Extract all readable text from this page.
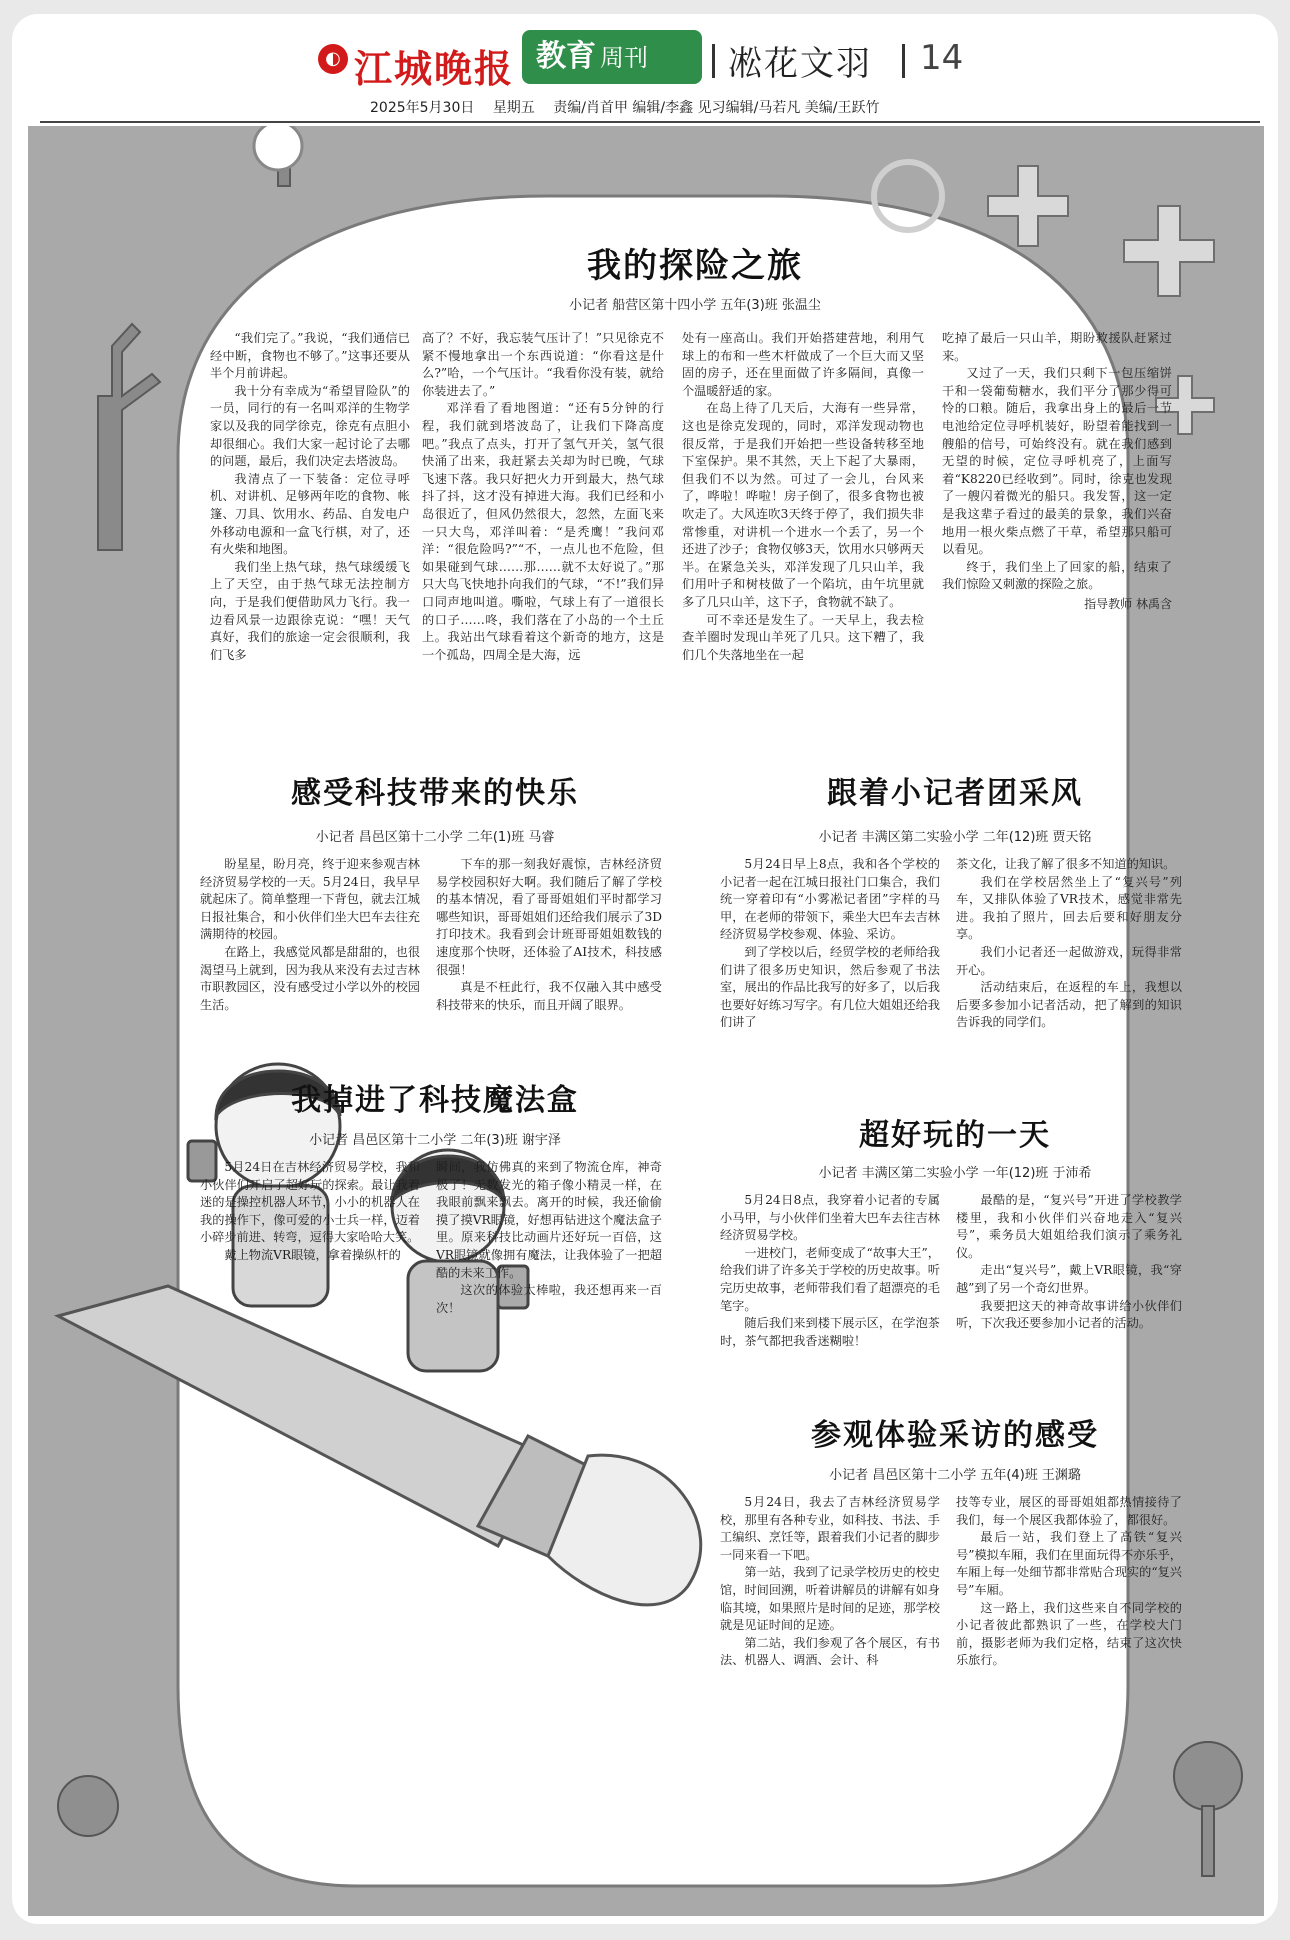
◐ 江城晚报 教育 周刊	凇花文羽 14
2025年5月30日 星期五 责编/肖首甲 编辑/李鑫 见习编辑/马若凡 美编/王跃竹
我的探险之旅
小记者 船营区第十四小学 五年(3)班 张温尘

“我们完了。”我说，“我们通信已经中断，食物也不够了。”这事还要从半个月前讲起。

我十分有幸成为“希望冒险队”的一员，同行的有一名叫邓洋的生物学家以及我的同学徐克，徐克有点胆小却很细心。我们大家一起讨论了去哪的问题，最后，我们决定去塔波岛。

我清点了一下装备：定位寻呼机、对讲机、足够两年吃的食物、帐篷、刀具、饮用水、药品、自发电户外移动电源和一盒飞行棋，对了，还有火柴和地图。

我们坐上热气球，热气球缓缓飞上了天空，由于热气球无法控制方向，于是我们便借助风力飞行。我一边看风景一边跟徐克说：“嘿！天气真好，我们的旅途一定会很顺利，我们飞多

高了？不好，我忘装气压计了！”只见徐克不紧不慢地拿出一个东西说道：“你看这是什么?”哈，一个气压计。“我看你没有装，就给你装进去了。”

邓洋看了看地图道：“还有5分钟的行程，我们就到塔波岛了，让我们下降高度吧。”我点了点头，打开了氢气开关，氢气很快涌了出来，我赶紧去关却为时已晚，气球飞速下落。我只好把火力开到最大，热气球抖了抖，这才没有掉进大海。我们已经和小岛很近了，但风仍然很大，忽然，左面飞来一只大鸟，邓洋叫着：“是秃鹰！”我问邓洋：“很危险吗?”“不，一点儿也不危险，但如果碰到气球……那……就不太好说了。”那只大鸟飞快地扑向我们的气球，“不!”我们异口同声地叫道。嘶啦，气球上有了一道很长的口子……咚，我们落在了小岛的一个土丘上。我站出气球看着这个新奇的地方，这是一个孤岛，四周全是大海，远

处有一座高山。我们开始搭建营地，利用气球上的布和一些木杆做成了一个巨大而又坚固的房子，还在里面做了许多隔间，真像一个温暖舒适的家。

在岛上待了几天后，大海有一些异常，这也是徐克发现的，同时，邓洋发现动物也很反常，于是我们开始把一些设备转移至地下室保护。果不其然，天上下起了大暴雨，但我们不以为然。可过了一会儿，台风来了，哗啦！哗啦！房子倒了，很多食物也被吹走了。大风连吹3天终于停了，我们损失非常惨重，对讲机一个进水一个丢了，另一个还进了沙子；食物仅够3天，饮用水只够两天半。在紧急关头，邓洋发现了几只山羊，我们用叶子和树枝做了一个陷坑，由午坑里就多了几只山羊，这下子，食物就不缺了。

可不幸还是发生了。一天早上，我去检查羊圈时发现山羊死了几只。这下糟了，我们几个失落地坐在一起

吃掉了最后一只山羊，期盼救援队赶紧过来。

又过了一天，我们只剩下一包压缩饼干和一袋葡萄糖水，我们平分了那少得可怜的口粮。随后，我拿出身上的最后一节电池给定位寻呼机装好，盼望着能找到一艘船的信号，可始终没有。就在我们感到无望的时候，定位寻呼机亮了，上面写着“K8220已经收到”。同时，徐克也发现了一艘闪着微光的船只。我发誓，这一定是我这辈子看过的最美的景象，我们兴奋地用一根火柴点燃了干草，希望那只船可以看见。

终于，我们坐上了回家的船，结束了我们惊险又刺激的探险之旅。

指导教师 林禹含
感受科技带来的快乐
小记者 昌邑区第十二小学 二年(1)班 马睿

盼星星，盼月亮，终于迎来参观吉林经济贸易学校的一天。5月24日，我早早就起床了。简单整理一下背包，就去江城日报社集合，和小伙伴们坐大巴车去往充满期待的校园。

在路上，我感觉风都是甜甜的，也很渴望马上就到，因为我从来没有去过吉林市职教园区，没有感受过小学以外的校园生活。

下车的那一刻我好震惊，吉林经济贸易学校园积好大啊。我们随后了解了学校的基本情况，看了哥哥姐姐们平时都学习哪些知识，哥哥姐姐们还给我们展示了3D打印技术。我看到会计班哥哥姐姐数钱的速度那个快呀，还体验了AI技术，科技感很强！

真是不枉此行，我不仅融入其中感受科技带来的快乐，而且开阔了眼界。

跟着小记者团采风
小记者 丰满区第二实验小学 二年(12)班 贾天铭

5月24日早上8点，我和各个学校的小记者一起在江城日报社门口集合，我们统一穿着印有“小雾凇记者团”字样的马甲，在老师的带领下，乘坐大巴车去吉林经济贸易学校参观、体验、采访。

到了学校以后，经贸学校的老师给我们讲了很多历史知识，然后参观了书法室，展出的作品比我写的好多了，以后我也要好好练习写字。有几位大姐姐还给我们讲了

茶文化，让我了解了很多不知道的知识。

我们在学校居然坐上了“复兴号”列车，又排队体验了VR技术，感觉非常先进。我拍了照片，回去后要和好朋友分享。

我们小记者还一起做游戏，玩得非常开心。

活动结束后，在返程的车上，我想以后要多参加小记者活动，把了解到的知识告诉我的同学们。

我掉进了科技魔法盒
小记者 昌邑区第十二小学 二年(3)班 谢宇泽

5月24日在吉林经济贸易学校，我和小伙伴们开启了超好玩的探索。最让我着迷的是操控机器人环节，小小的机器人在我的操作下，像可爱的小士兵一样，迈着小碎步前进、转弯，逗得大家哈哈大笑。

戴上物流VR眼镜，拿着操纵杆的

瞬间，我仿佛真的来到了物流仓库，神奇极了！无数发光的箱子像小精灵一样，在我眼前飘来飘去。离开的时候，我还偷偷摸了摸VR眼镜，好想再钻进这个魔法盒子里。原来科技比动画片还好玩一百倍，这VR眼镜就像拥有魔法，让我体验了一把超酷的未来工作。

这次的体验太棒啦，我还想再来一百次！

超好玩的一天
小记者 丰满区第二实验小学 一年(12)班 于沛希

5月24日8点，我穿着小记者的专属小马甲，与小伙伴们坐着大巴车去往吉林经济贸易学校。

一进校门，老师变成了“故事大王”，给我们讲了许多关于学校的历史故事。听完历史故事，老师带我们看了超漂亮的毛笔字。

随后我们来到楼下展示区，在学泡茶时，茶气都把我香迷糊啦！

最酷的是，“复兴号”开进了学校教学楼里，我和小伙伴们兴奋地走入“复兴号”，乘务员大姐姐给我们演示了乘务礼仪。

走出“复兴号”，戴上VR眼镜，我“穿越”到了另一个奇幻世界。

我要把这天的神奇故事讲给小伙伴们听，下次我还要参加小记者的活动。

参观体验采访的感受
小记者 昌邑区第十二小学 五年(4)班 王渊璐

5月24日，我去了吉林经济贸易学校，那里有各种专业，如科技、书法、手工编织、烹饪等，跟着我们小记者的脚步一同来看一下吧。

第一站，我到了记录学校历史的校史馆，时间回溯，听着讲解员的讲解有如身临其境，如果照片是时间的足迹，那学校就是见证时间的足迹。

第二站，我们参观了各个展区，有书法、机器人、调酒、会计、科

技等专业，展区的哥哥姐姐都热情接待了我们，每一个展区我都体验了，都很好。

最后一站，我们登上了高铁“复兴号”模拟车厢，我们在里面玩得不亦乐乎，车厢上每一处细节都非常贴合现实的“复兴号”车厢。

这一路上，我们这些来自不同学校的小记者彼此都熟识了一些，在学校大门前，摄影老师为我们定格，结束了这次快乐旅行。
